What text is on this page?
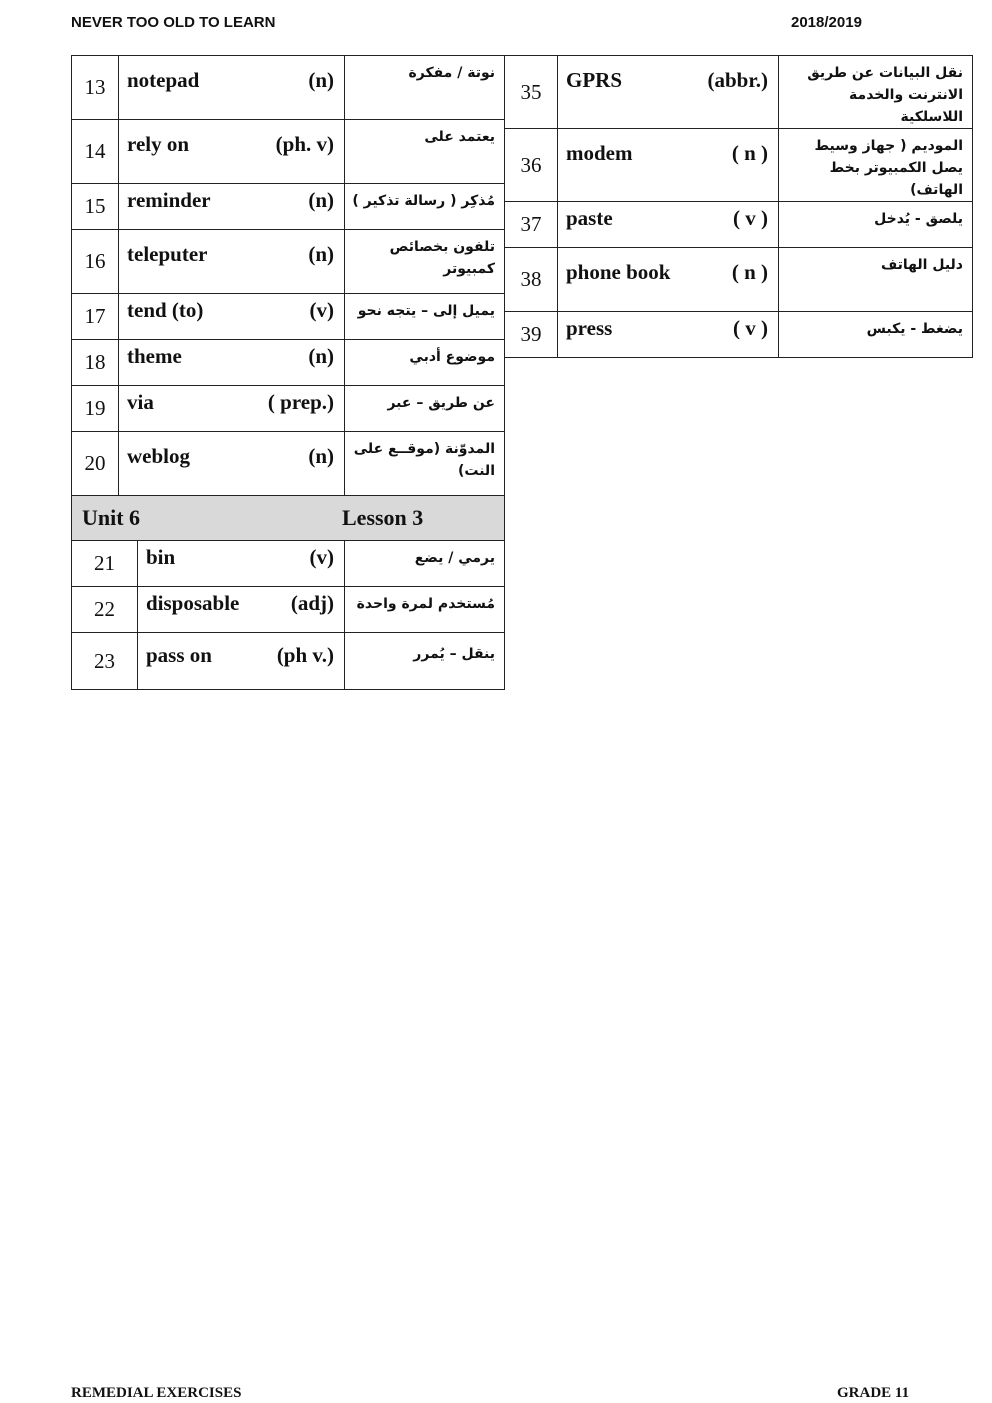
NEVER TOO OLD TO LEARN	2018/2019
13	notepad (n)	نوتة / مفكرة
14	rely on (ph. v)	يعتمد على
15	reminder (n)	مُذكِر ( رسالة تذكير )
16	teleputer (n)	تلفون بخصائص كمبيوتر
17	tend (to) (v)	يميل إلى – يتجه نحو
18	theme (n)	موضوع أدبي
19	via ( prep.)	عن طريق – عبر
20	weblog (n)	المدوّنة (موقــع على النت)

Unit 6 Lesson 3		
21	bin (v)	يرمي / يضع
22	disposable (adj)	مُستخدم لمرة واحدة
23	pass on (ph v.)	ينقل – يُمرر
35	GPRS (abbr.)	نقل البيانات عن طريق الانترنت والخدمة اللاسلكية
36	modem ( n )	الموديم ( جهاز وسيط يصل الكمبيوتر بخط الهاتف)
37	paste ( v )	يلصق - يُدخل
38	phone book ( n )	دليل الهاتف
39	press ( v )	يضغط - يكبس
REMEDIAL EXERCISES	GRADE 11
